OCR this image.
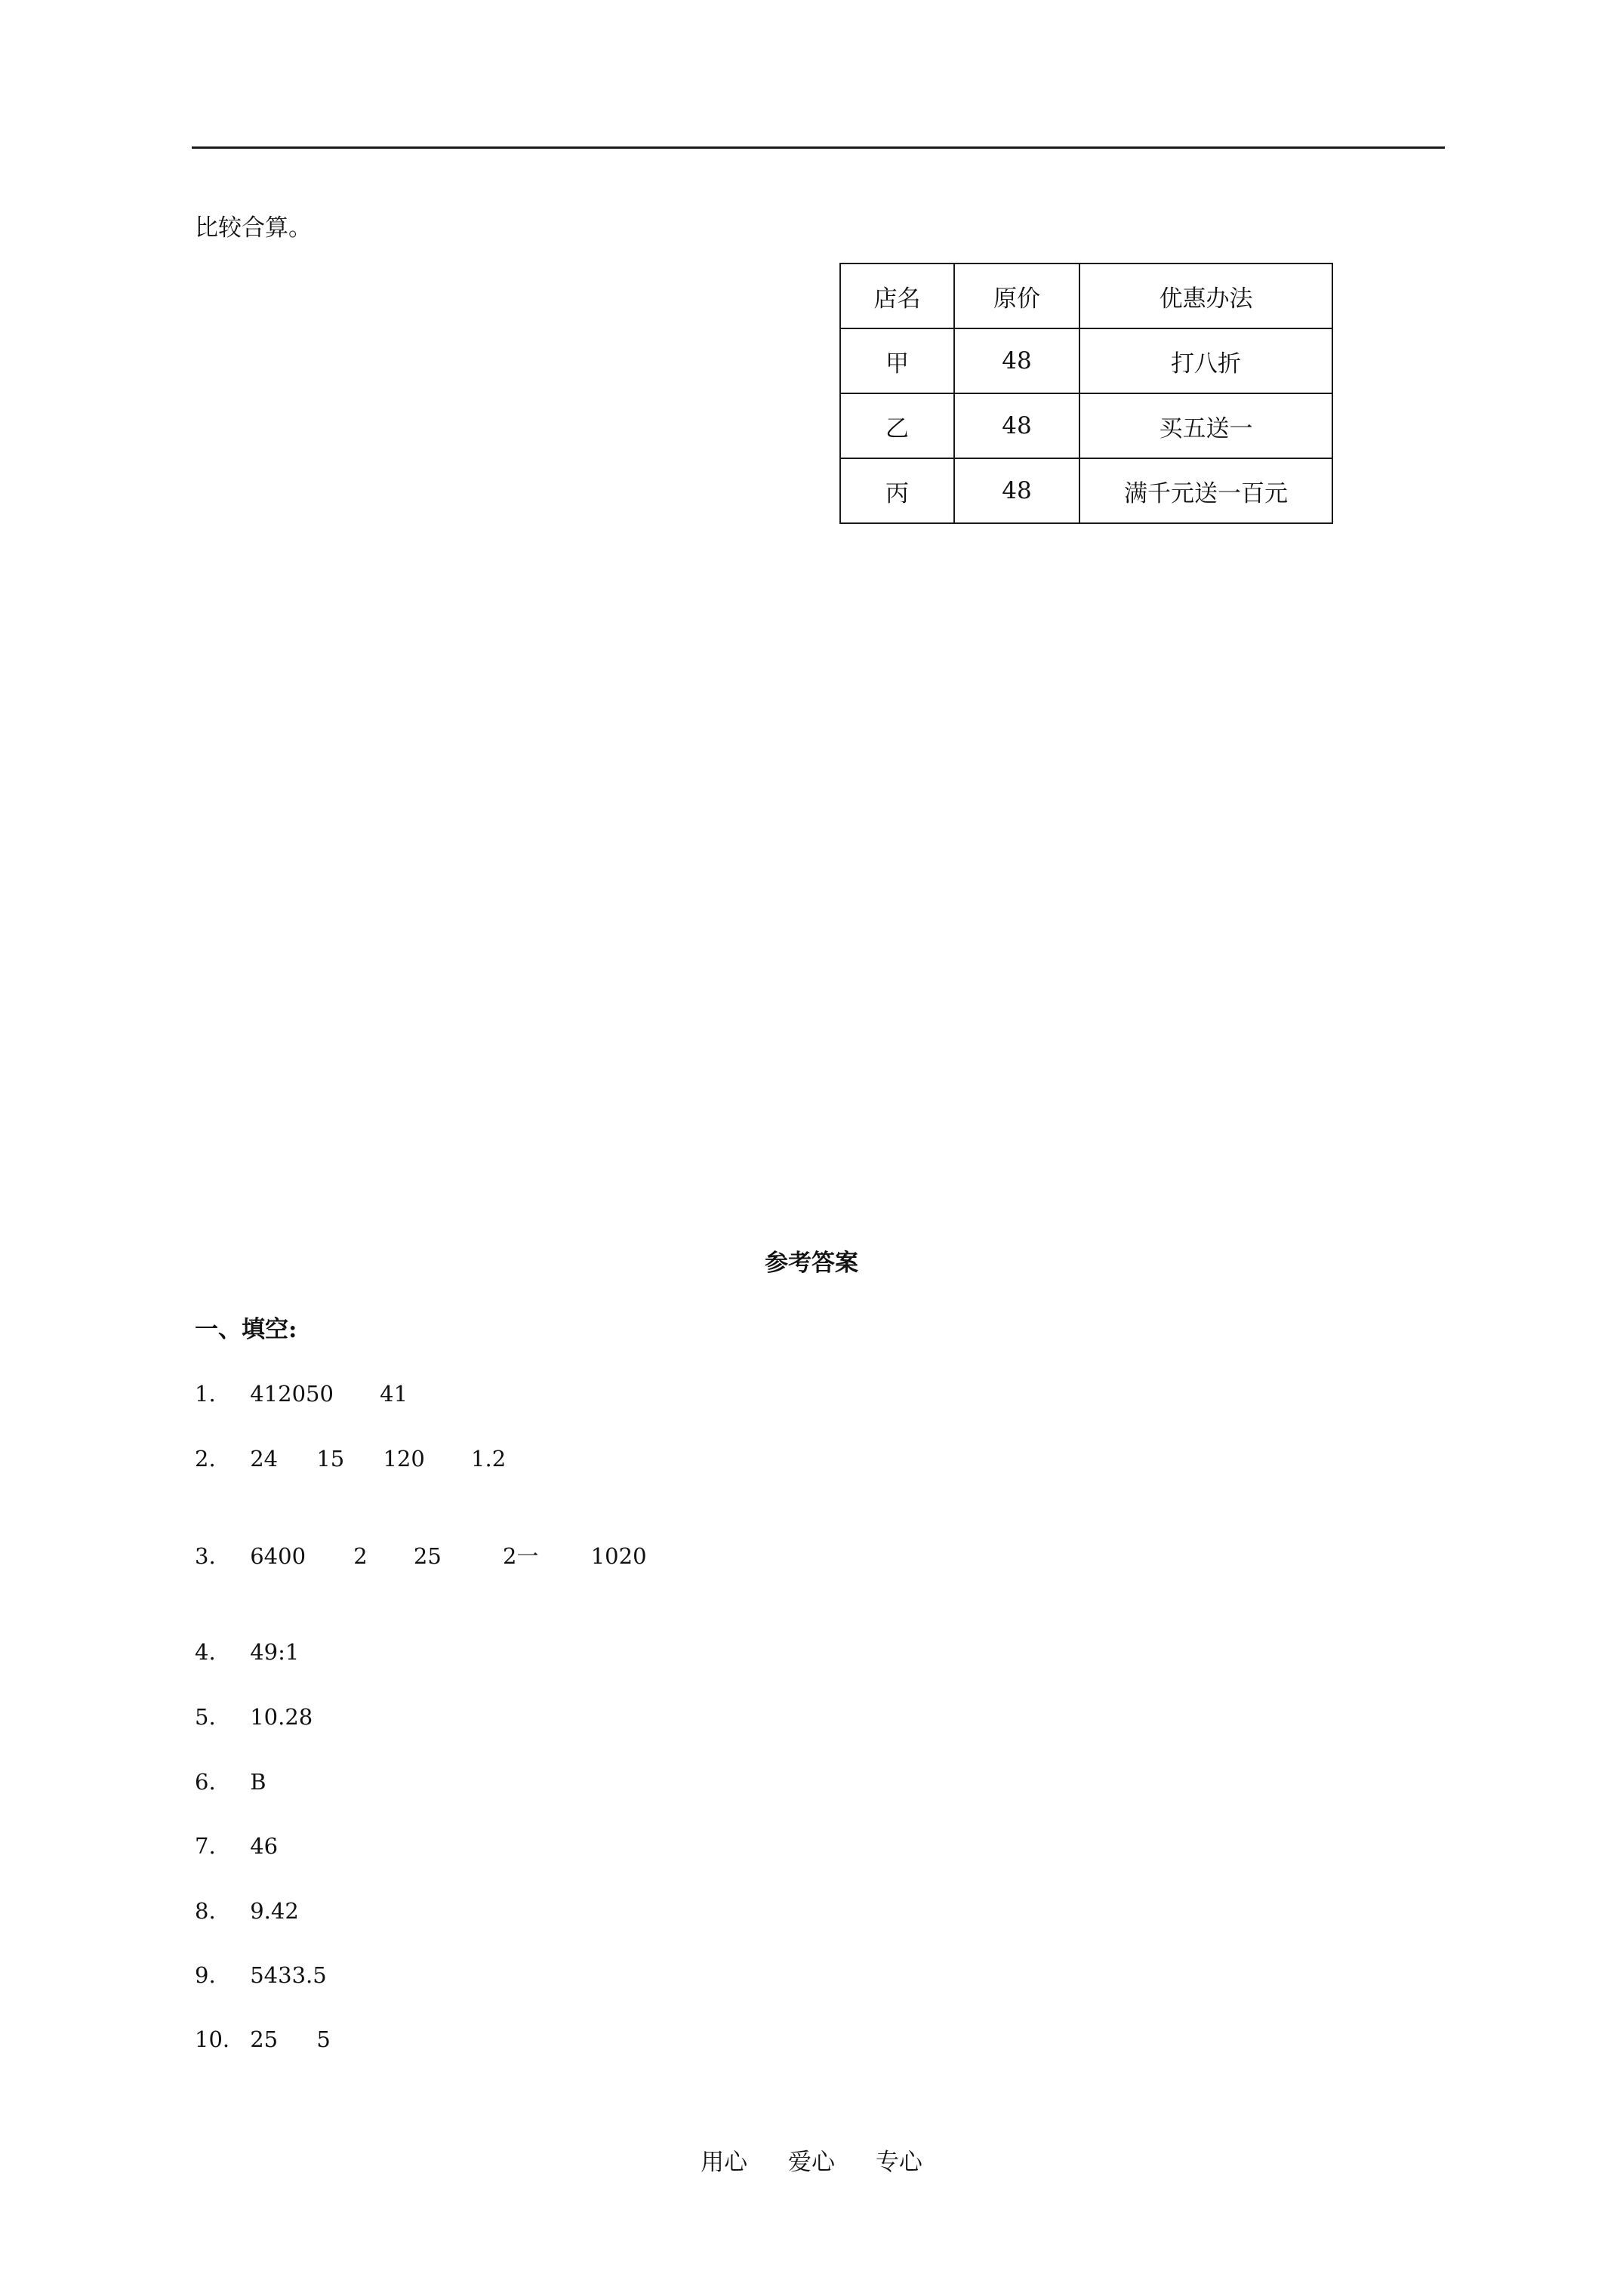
比较合算。
店名	原价	优惠办法
甲	48	打八折
乙	48	买五送一
丙	48	满千元送一百元
参考答案
一、填空:
1. 412050 41
2. 24 15 120 1.2
3. 6400 2 25	2一 1020
4. 49:1
5. 10.28
6. B
7. 46
8. 9.42
9. 5433.5
10. 25 5
用心 爱心 专心
